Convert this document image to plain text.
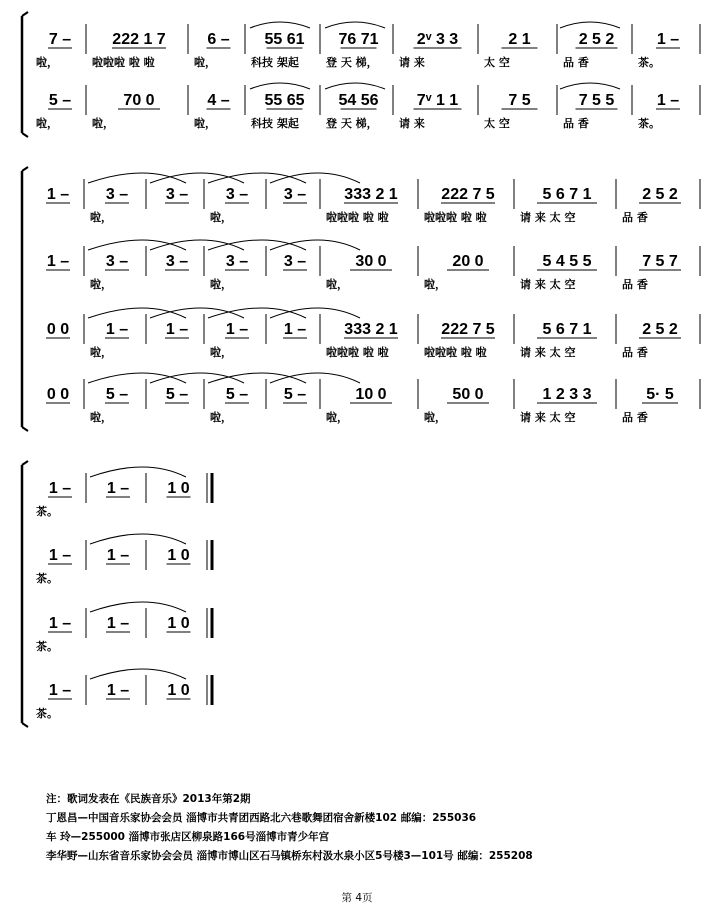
7 –
啦，
222 1 7
啦啦啦 啦 啦
6 –
啦，
55 61
科技 架起
76 71
登 天 梯，
2ᵛ 3 3
请 来
2 1
太 空
2 5 2
品 香
1 –
茶。
5 –
啦，
70 0
啦，
4 –
啦，
55 65
科技 架起
54 56
登 天 梯，
7ᵛ 1 1
请 来
7 5
太 空
7 5 5
品 香
1 –
茶。
1 – 3 –
啦，
3 – 3 –
啦，
3 – 333 2 1
啦啦啦 啦 啦
222 7 5
啦啦啦 啦 啦
5 6 7 1
请 来 太 空
2 5 2
品 香
1 – 3 –
啦，
3 – 3 –
啦，
3 –	30 0
啦，
20 0
啦，
5 4 5 5
请 来 太 空
7 5 7
品 香
0 0 1 –
啦，
1 – 1 –
啦，
1 – 333 2 1
啦啦啦 啦 啦
222 7 5
啦啦啦 啦 啦
5 6 7 1
请 来 太 空
2 5 2
品 香
0 0 5 –
啦，
5 – 5 –
啦，
5 –	10 0
啦，
50 0
啦，
1 2 3 3
请 来 太 空
5· 5
品 香
1 –
茶。
1 – 1 0
1 –
茶。
1 – 1 0
1 –
茶。
1 – 1 0
1 –
茶。
1 – 1 0
注：歌词发表在《民族音乐》2013年第2期
丁恩昌—中国音乐家协会会员 淄博市共青团西路北六巷歌舞团宿舍新楼102 邮编：255036
车 玲—255000 淄博市张店区柳泉路166号淄博市青少年宫
李华野—山东省音乐家协会会员 淄博市博山区石马镇桥东村汲水泉小区5号楼3—101号 邮编：255208
第 4页
